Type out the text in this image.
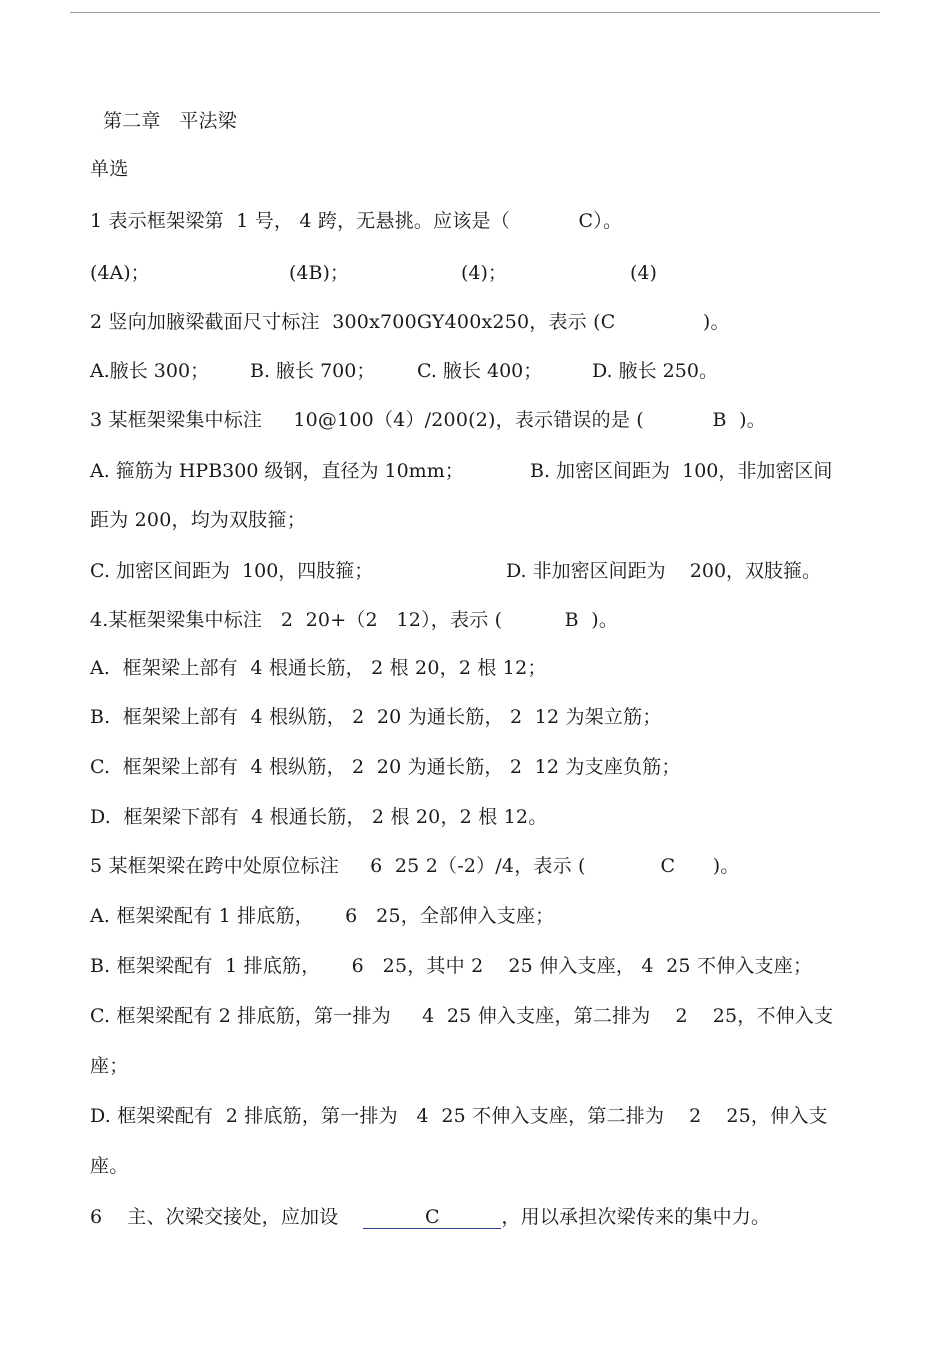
第二章   平法梁
单选
1 表示框架梁第  1 号， 4 跨，无悬挑。应该是（           C）。
(4A)；	(4B)；	(4)；	(4)
2 竖向加腋梁截面尺寸标注  300x700GY400x250，表示 (C              )。
A.腋长 300； B. 腋长 700； C. 腋长 400；	D. 腋长 250。
3 某框架梁集中标注     10@100（4）/200(2)，表示错误的是 (           B  )。
A. 箍筋为 HPB300 级钢，直径为 10mm；	B. 加密区间距为  100，非加密区间
距为 200，均为双肢箍；
C. 加密区间距为  100，四肢箍；	D. 非加密区间距为    200，双肢箍。
4.某框架梁集中标注   2  20+（2   12），表示 (          B  )。
A.  框架梁上部有  4 根通长筋， 2 根 20，2 根 12；
B.  框架梁上部有  4 根纵筋， 2  20 为通长筋， 2  12 为架立筋；
C.  框架梁上部有  4 根纵筋， 2  20 为通长筋， 2  12 为支座负筋；
D.  框架梁下部有  4 根通长筋， 2 根 20，2 根 12。
5 某框架梁在跨中处原位标注     6  25 2（-2）/4，表示 (            C      )。
A. 框架梁配有 1 排底筋，     6   25，全部伸入支座；
B. 框架梁配有  1 排底筋，     6   25，其中 2    25 伸入支座， 4  25 不伸入支座；
C. 框架梁配有 2 排底筋，第一排为     4  25 伸入支座，第二排为    2    25，不伸入支
座；
D. 框架梁配有  2 排底筋，第一排为   4  25 不伸入支座，第二排为    2    25，伸入支
座。
6    主、次梁交接处，应加设	C	，用以承担次梁传来的集中力。
